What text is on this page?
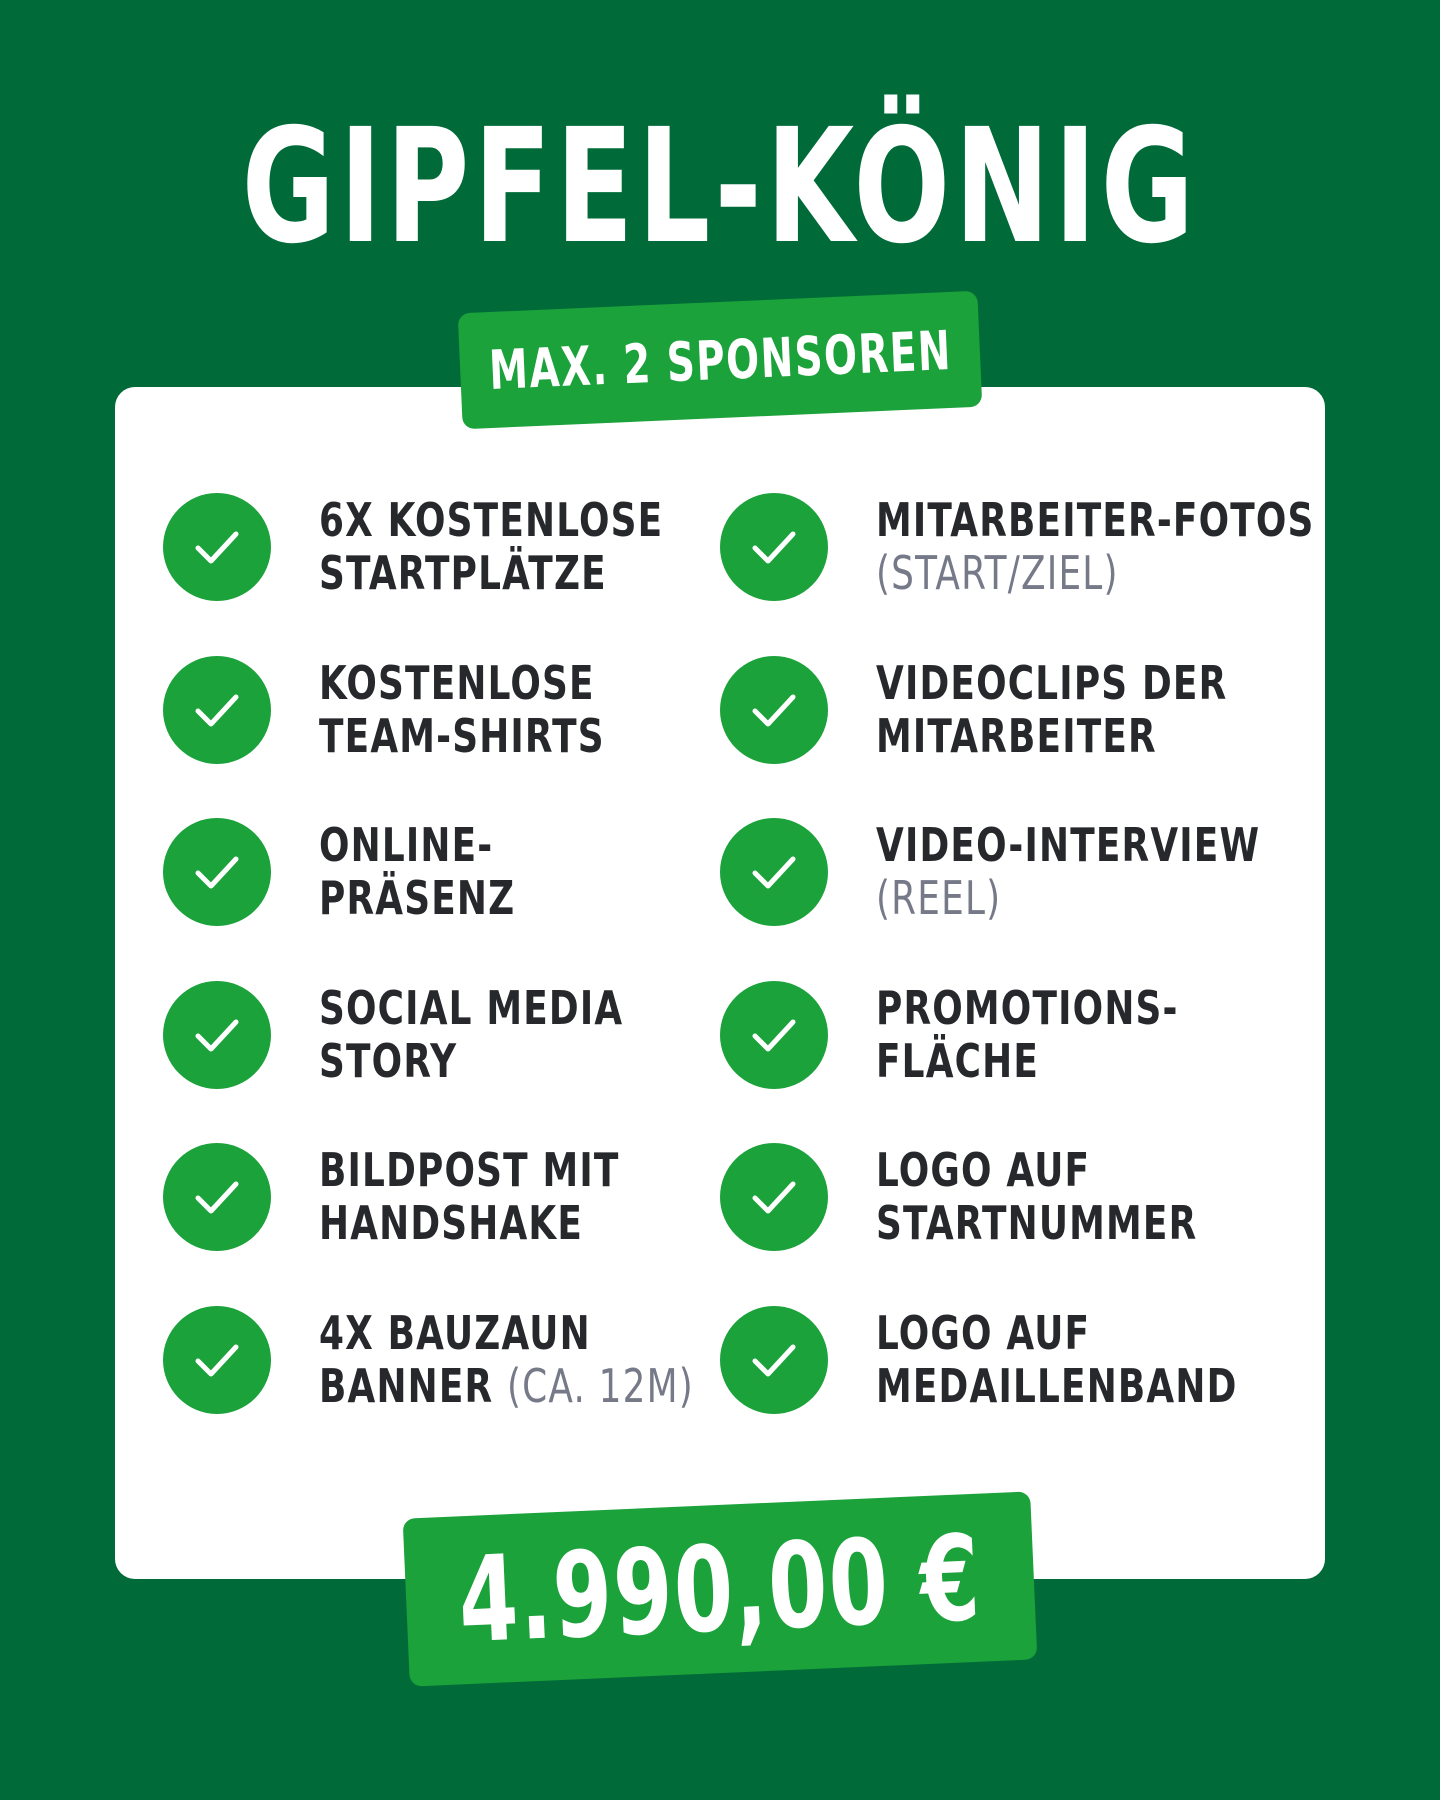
GIPFEL-KÖNIG
6X KOSTENLOSE
STARTPLÄTZE
KOSTENLOSE
TEAM-SHIRTS
ONLINE-
PRÄSENZ
SOCIAL MEDIA
STORY
BILDPOST MIT
HANDSHAKE
4X BAUZAUN
BANNER (CA. 12M)
MITARBEITER-FOTOS
(START/ZIEL)
VIDEOCLIPS DER
MITARBEITER
VIDEO-INTERVIEW
(REEL)
PROMOTIONS-
FLÄCHE
LOGO AUF
STARTNUMMER
LOGO AUF
MEDAILLENBAND
MAX. 2 SPONSOREN
4.990,00 €
